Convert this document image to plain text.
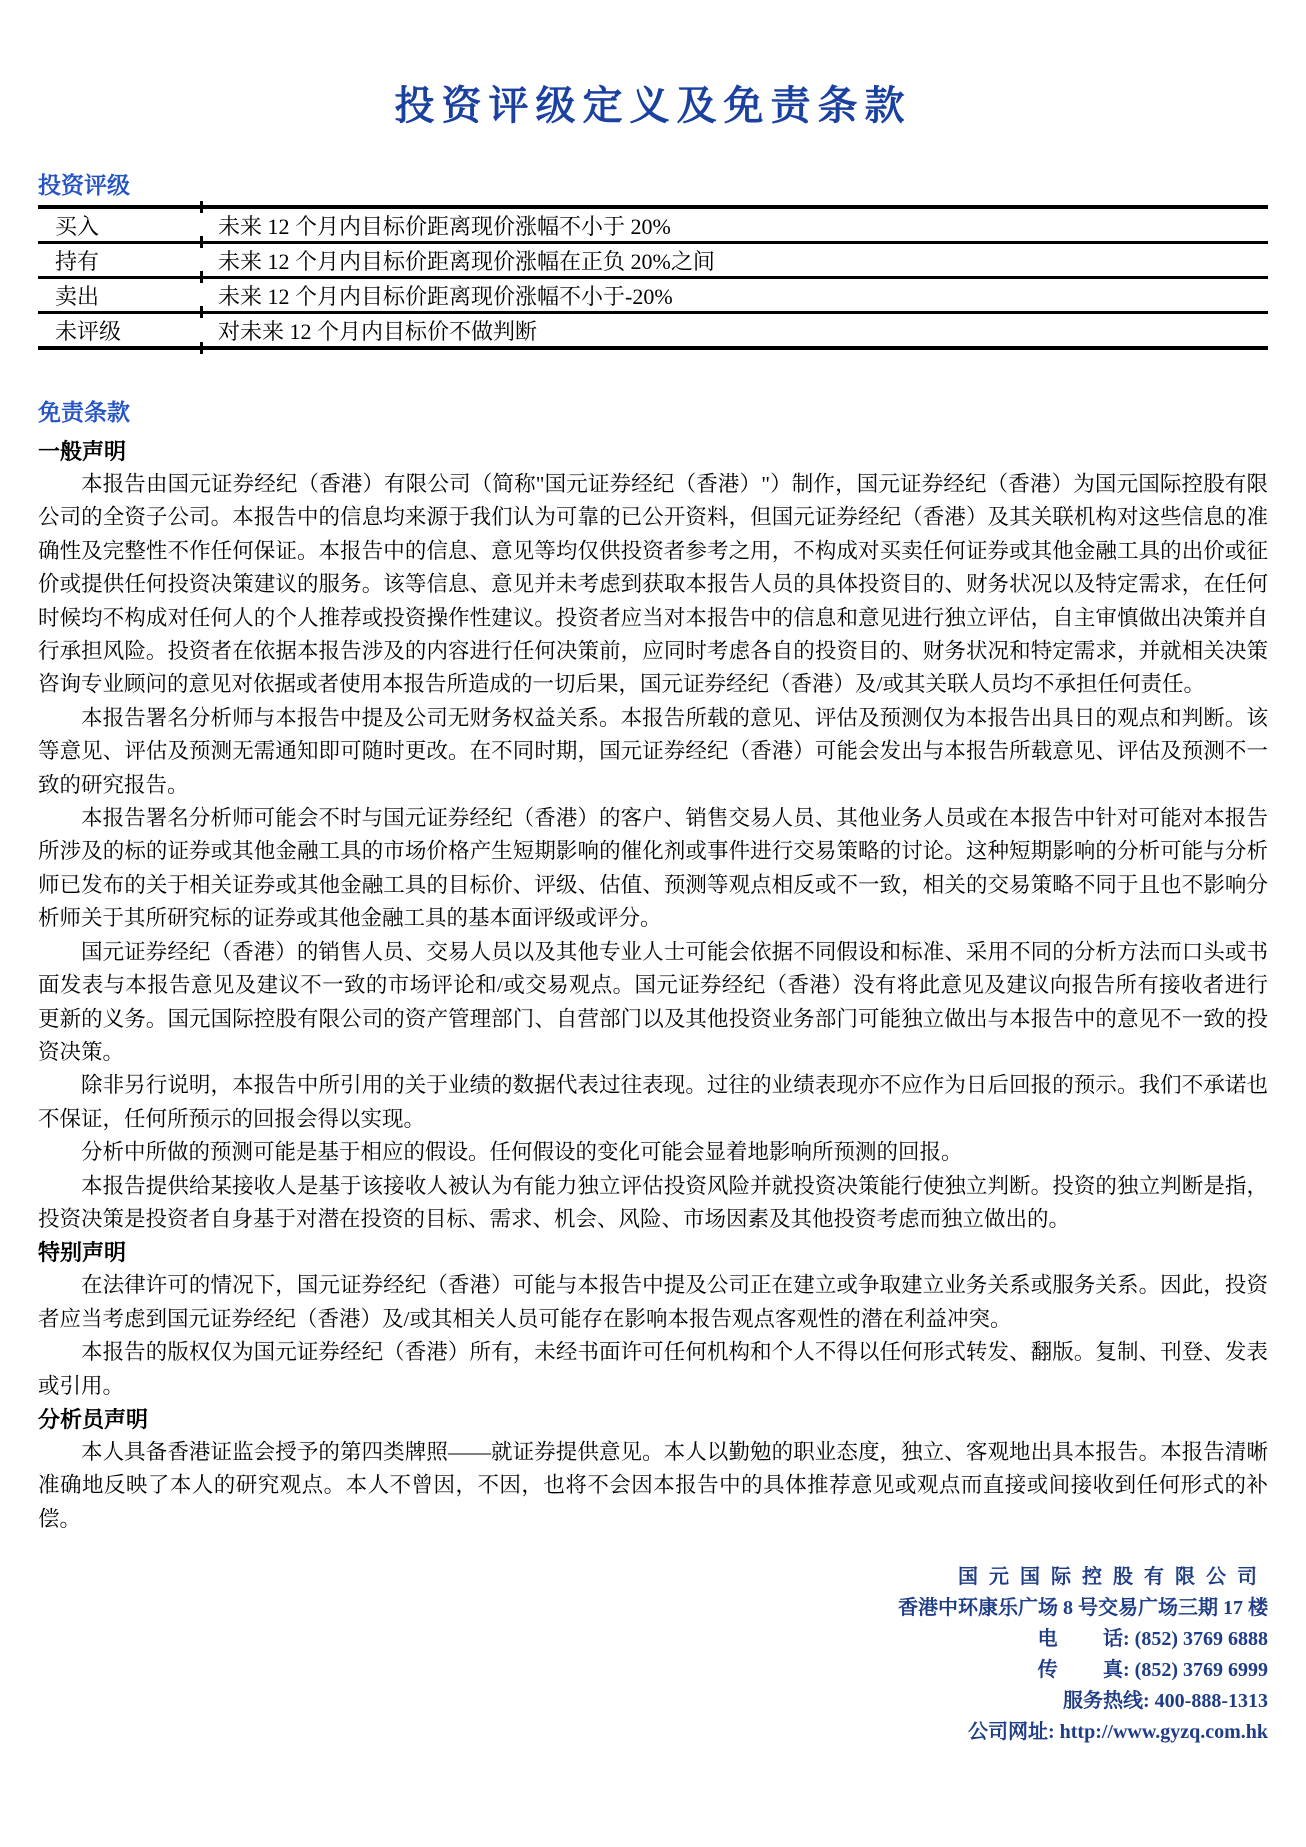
投资评级定义及免责条款
投资评级
买入	未来 12 个月内目标价距离现价涨幅不小于 20%
持有	未来 12 个月内目标价距离现价涨幅在正负 20%之间
卖出	未来 12 个月内目标价距离现价涨幅不小于-20%
未评级	对未来 12 个月内目标价不做判断
免责条款
一般声明

本报告由国元证券经纪（香港）有限公司（简称"国元证券经纪（香港）"）制作，国元证券经纪（香港）为国元国际控股有限公司的全资子公司。本报告中的信息均来源于我们认为可靠的已公开资料，但国元证券经纪（香港）及其关联机构对这些信息的准确性及完整性不作任何保证。本报告中的信息、意见等均仅供投资者参考之用，不构成对买卖任何证券或其他金融工具的出价或征价或提供任何投资决策建议的服务。该等信息、意见并未考虑到获取本报告人员的具体投资目的、财务状况以及特定需求，在任何时候均不构成对任何人的个人推荐或投资操作性建议。投资者应当对本报告中的信息和意见进行独立评估，自主审慎做出决策并自行承担风险。投资者在依据本报告涉及的内容进行任何决策前，应同时考虑各自的投资目的、财务状况和特定需求，并就相关决策咨询专业顾问的意见对依据或者使用本报告所造成的一切后果，国元证券经纪（香港）及/或其关联人员均不承担任何责任。

本报告署名分析师与本报告中提及公司无财务权益关系。本报告所载的意见、评估及预测仅为本报告出具日的观点和判断。该等意见、评估及预测无需通知即可随时更改。在不同时期，国元证券经纪（香港）可能会发出与本报告所载意见、评估及预测不一致的研究报告。

本报告署名分析师可能会不时与国元证券经纪（香港）的客户、销售交易人员、其他业务人员或在本报告中针对可能对本报告所涉及的标的证券或其他金融工具的市场价格产生短期影响的催化剂或事件进行交易策略的讨论。这种短期影响的分析可能与分析师已发布的关于相关证券或其他金融工具的目标价、评级、估值、预测等观点相反或不一致，相关的交易策略不同于且也不影响分析师关于其所研究标的证券或其他金融工具的基本面评级或评分。

国元证券经纪（香港）的销售人员、交易人员以及其他专业人士可能会依据不同假设和标准、采用不同的分析方法而口头或书面发表与本报告意见及建议不一致的市场评论和/或交易观点。国元证券经纪（香港）没有将此意见及建议向报告所有接收者进行更新的义务。国元国际控股有限公司的资产管理部门、自营部门以及其他投资业务部门可能独立做出与本报告中的意见不一致的投资决策。

除非另行说明，本报告中所引用的关于业绩的数据代表过往表现。过往的业绩表现亦不应作为日后回报的预示。我们不承诺也不保证，任何所预示的回报会得以实现。

分析中所做的预测可能是基于相应的假设。任何假设的变化可能会显着地影响所预测的回报。

本报告提供给某接收人是基于该接收人被认为有能力独立评估投资风险并就投资决策能行使独立判断。投资的独立判断是指，投资决策是投资者自身基于对潜在投资的目标、需求、机会、风险、市场因素及其他投资考虑而独立做出的。

特别声明

在法律许可的情况下，国元证券经纪（香港）可能与本报告中提及公司正在建立或争取建立业务关系或服务关系。因此，投资者应当考虑到国元证券经纪（香港）及/或其相关人员可能存在影响本报告观点客观性的潜在利益冲突。

本报告的版权仅为国元证券经纪（香港）所有，未经书面许可任何机构和个人不得以任何形式转发、翻版。复制、刊登、发表或引用。

分析员声明

本人具备香港证监会授予的第四类牌照——就证券提供意见。本人以勤勉的职业态度，独立、客观地出具本报告。本报告清晰准确地反映了本人的研究观点。本人不曾因，不因，也将不会因本报告中的具体推荐意见或观点而直接或间接收到任何形式的补偿。

国元国际控股有限公司
香港中环康乐广场 8 号交易广场三期 17 楼
电 话: (852) 3769 6888
传 真: (852) 3769 6999
服务热线: 400-888-1313
公司网址: http://www.gyzq.com.hk
